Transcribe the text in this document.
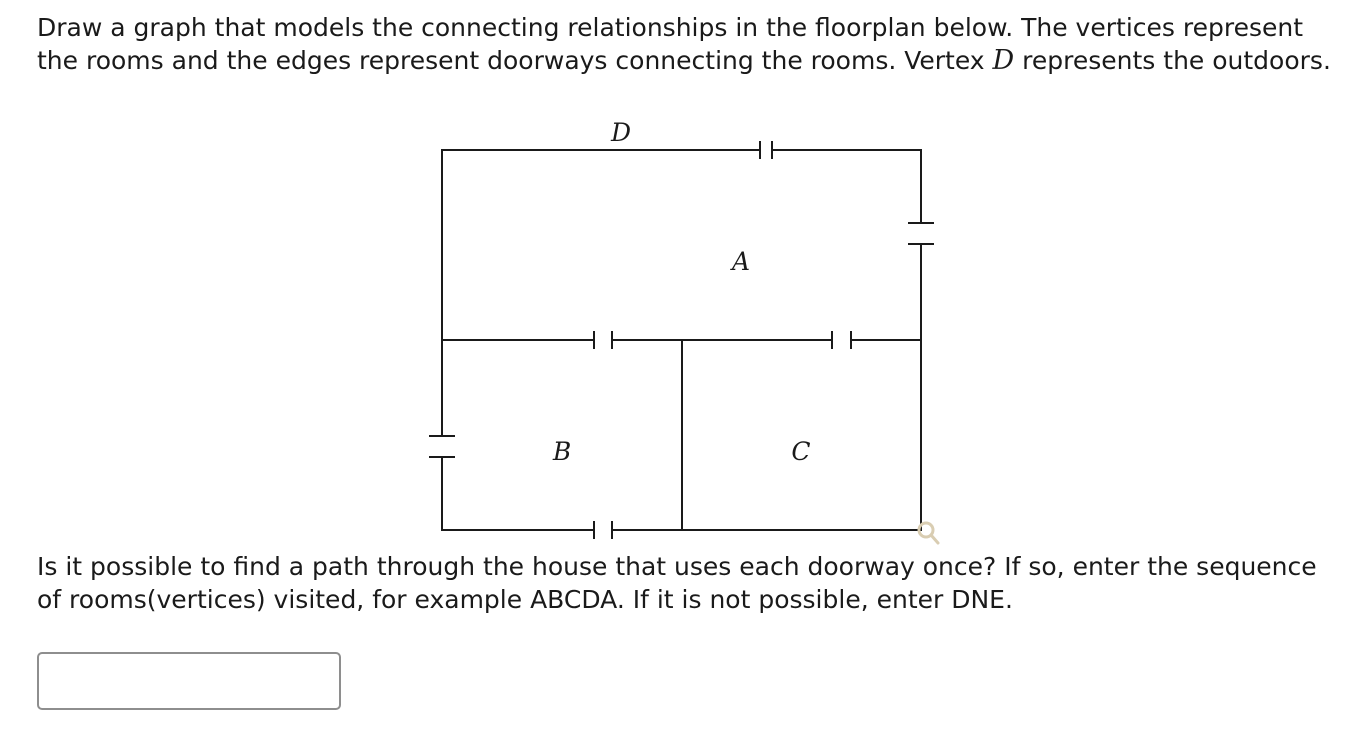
Draw a graph that models the connecting relationships in the floorplan below. The vertices represent the rooms and the edges represent doorways connecting the rooms. Vertex D represents the outdoors.

D
A
B	C

Is it possible to find a path through the house that uses each doorway once? If so, enter the sequence of rooms(vertices) visited, for example ABCDA. If it is not possible, enter DNE.
